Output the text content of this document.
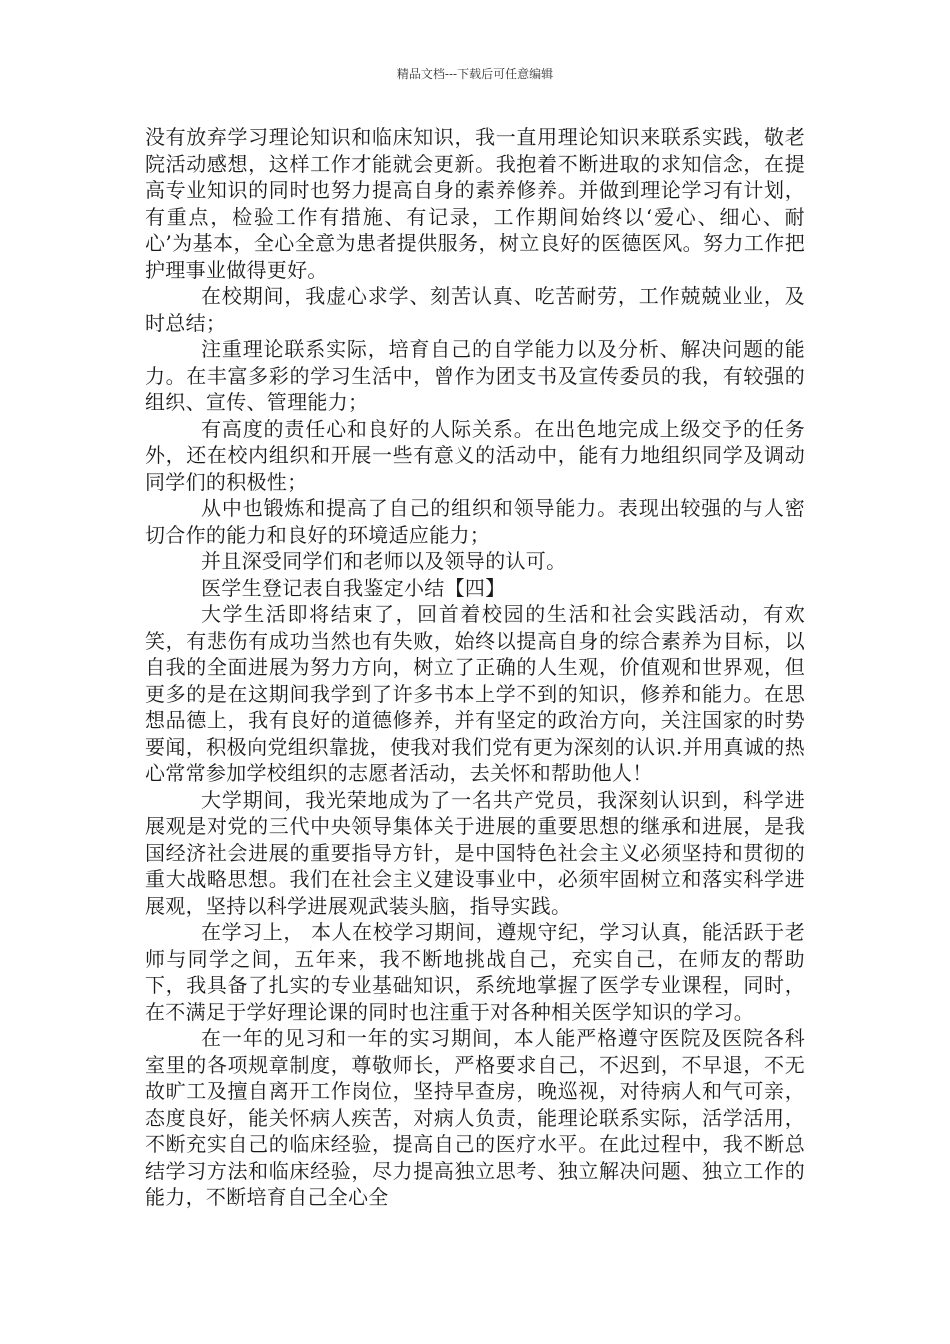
精品文档---下载后可任意编辑

没有放弃学习理论知识和临床知识，我一直用理论知识来联系实践，敬老院活动感想，这样工作才能就会更新。我抱着不断进取的求知信念，在提高专业知识的同时也努力提高自身的素养修养。并做到理论学习有计划，有重点，检验工作有措施、有记录，工作期间始终以‘爱心、细心、耐心’为基本，全心全意为患者提供服务，树立良好的医德医风。努力工作把护理事业做得更好。

在校期间，我虚心求学、刻苦认真、吃苦耐劳，工作兢兢业业，及时总结；

注重理论联系实际，培育自己的自学能力以及分析、解决问题的能力。在丰富多彩的学习生活中，曾作为团支书及宣传委员的我，有较强的组织、宣传、管理能力；

有高度的责任心和良好的人际关系。在出色地完成上级交予的任务外，还在校内组织和开展一些有意义的活动中，能有力地组织同学及调动同学们的积极性；

从中也锻炼和提高了自己的组织和领导能力。表现出较强的与人密切合作的能力和良好的环境适应能力；

并且深受同学们和老师以及领导的认可。

医学生登记表自我鉴定小结【四】

大学生活即将结束了，回首着校园的生活和社会实践活动，有欢笑，有悲伤有成功当然也有失败，始终以提高自身的综合素养为目标，以自我的全面进展为努力方向，树立了正确的人生观，价值观和世界观，但更多的是在这期间我学到了许多书本上学不到的知识，修养和能力。在思想品德上，我有良好的道德修养，并有坚定的政治方向，关注国家的时势要闻，积极向党组织靠拢，使我对我们党有更为深刻的认识.并用真诚的热心常常参加学校组织的志愿者活动，去关怀和帮助他人！

大学期间，我光荣地成为了一名共产党员，我深刻认识到，科学进展观是对党的三代中央领导集体关于进展的重要思想的继承和进展，是我国经济社会进展的重要指导方针，是中国特色社会主义必须坚持和贯彻的重大战略思想。我们在社会主义建设事业中，必须牢固树立和落实科学进展观，坚持以科学进展观武装头脑，指导实践。

在学习上， 本人在校学习期间，遵规守纪，学习认真，能活跃于老师与同学之间，五年来，我不断地挑战自己，充实自己，在师友的帮助下，我具备了扎实的专业基础知识，系统地掌握了医学专业课程，同时，在不满足于学好理论课的同时也注重于对各种相关医学知识的学习。

在一年的见习和一年的实习期间，本人能严格遵守医院及医院各科室里的各项规章制度，尊敬师长，严格要求自己，不迟到，不早退，不无故旷工及擅自离开工作岗位，坚持早查房，晚巡视，对待病人和气可亲，态度良好，能关怀病人疾苦，对病人负责，能理论联系实际，活学活用，不断充实自己的临床经验，提高自己的医疗水平。在此过程中，我不断总结学习方法和临床经验，尽力提高独立思考、独立解决问题、独立工作的能力，不断培育自己全心全
